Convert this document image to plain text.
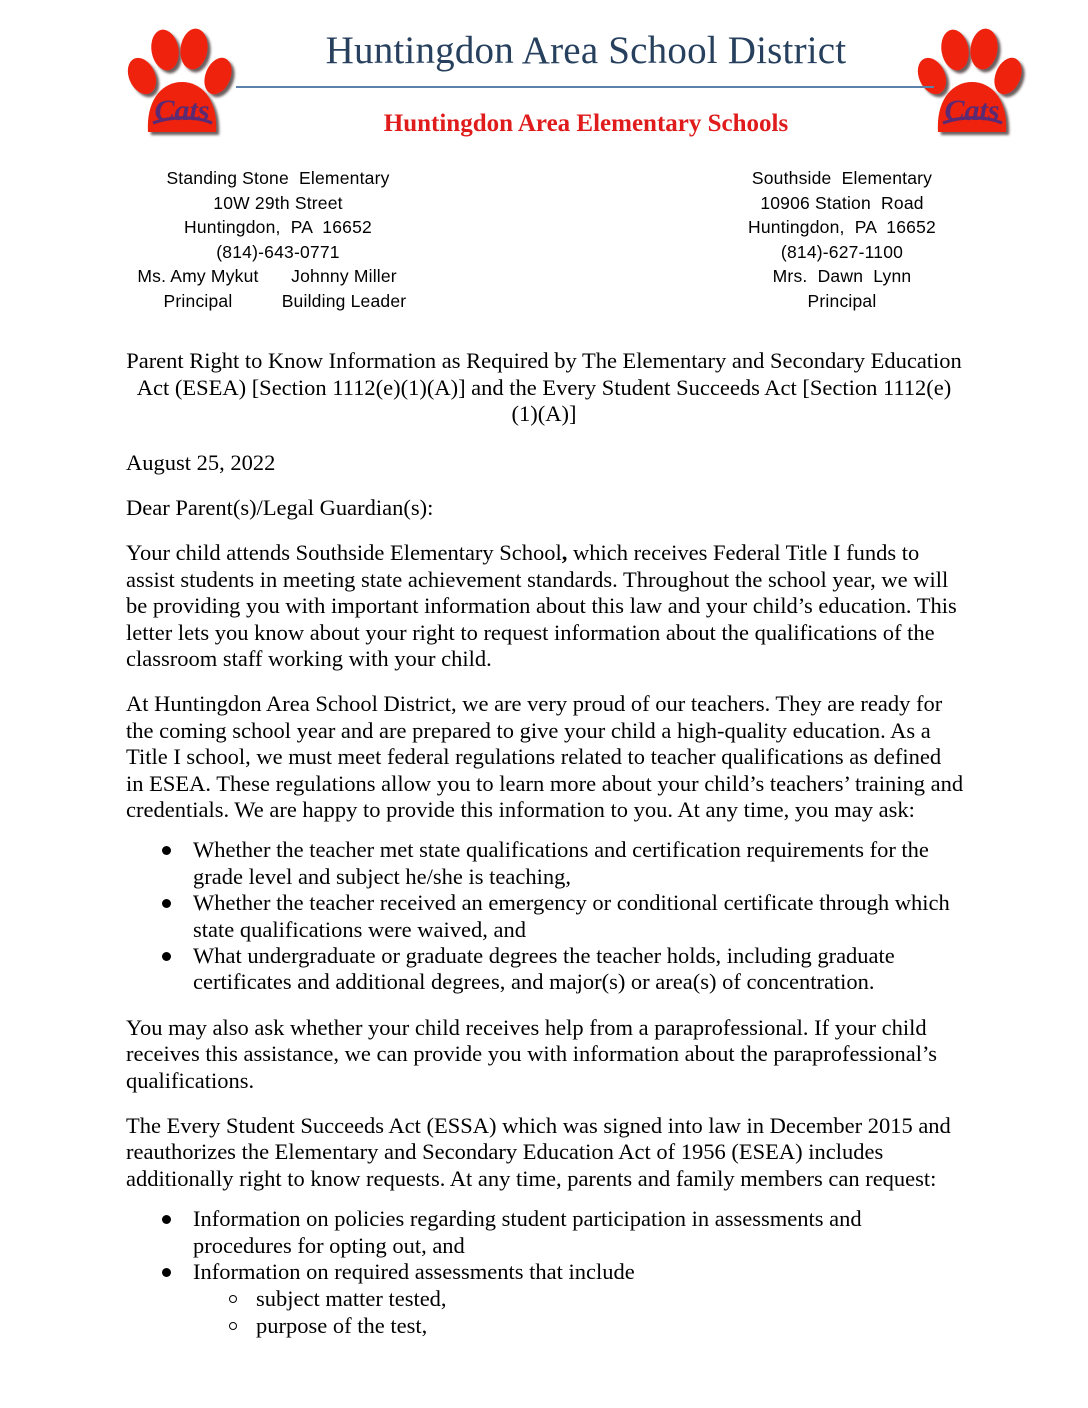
Cats	Cats
Huntingdon Area School District
Huntingdon Area Elementary Schools
Standing Stone  Elementary
10W 29th Street
Huntingdon,  PA  16652
(814)-643-0771
Ms. Amy Mykut	Johnny Miller
Principal	Building Leader
Southside  Elementary
10906 Station  Road
Huntingdon,  PA  16652
(814)-627-1100
Mrs.  Dawn  Lynn
Principal
Parent Right to Know Information as Required by The Elementary and Secondary Education Act (ESEA) [Section 1112(e)(1)(A)] and the Every Student Succeeds Act [Section 1112(e)(1)(A)]

August 25, 2022

Dear Parent(s)/Legal Guardian(s):

Your child attends Southside Elementary School, which receives Federal Title I funds to assist students in meeting state achievement standards. Throughout the school year, we will be providing you with important information about this law and your child’s education. This letter lets you know about your right to request information about the qualifications of the classroom staff working with your child.

At Huntingdon Area School District, we are very proud of our teachers. They are ready for the coming school year and are prepared to give your child a high-quality education. As a Title I school, we must meet federal regulations related to teacher qualifications as defined in ESEA. These regulations allow you to learn more about your child’s teachers’ training and credentials. We are happy to provide this information to you. At any time, you may ask:

Whether the teacher met state qualifications and certification requirements for the grade level and subject he/she is teaching,
Whether the teacher received an emergency or conditional certificate through which state qualifications were waived, and
What undergraduate or graduate degrees the teacher holds, including graduate certificates and additional degrees, and major(s) or area(s) of concentration.

You may also ask whether your child receives help from a paraprofessional. If your child receives this assistance, we can provide you with information about the paraprofessional’s qualifications.

The Every Student Succeeds Act (ESSA) which was signed into law in December 2015 and reauthorizes the Elementary and Secondary Education Act of 1956 (ESEA) includes additionally right to know requests. At any time, parents and family members can request:

Information on policies regarding student participation in assessments and procedures for opting out, and
Information on required assessments that include
subject matter tested,
purpose of the test,
